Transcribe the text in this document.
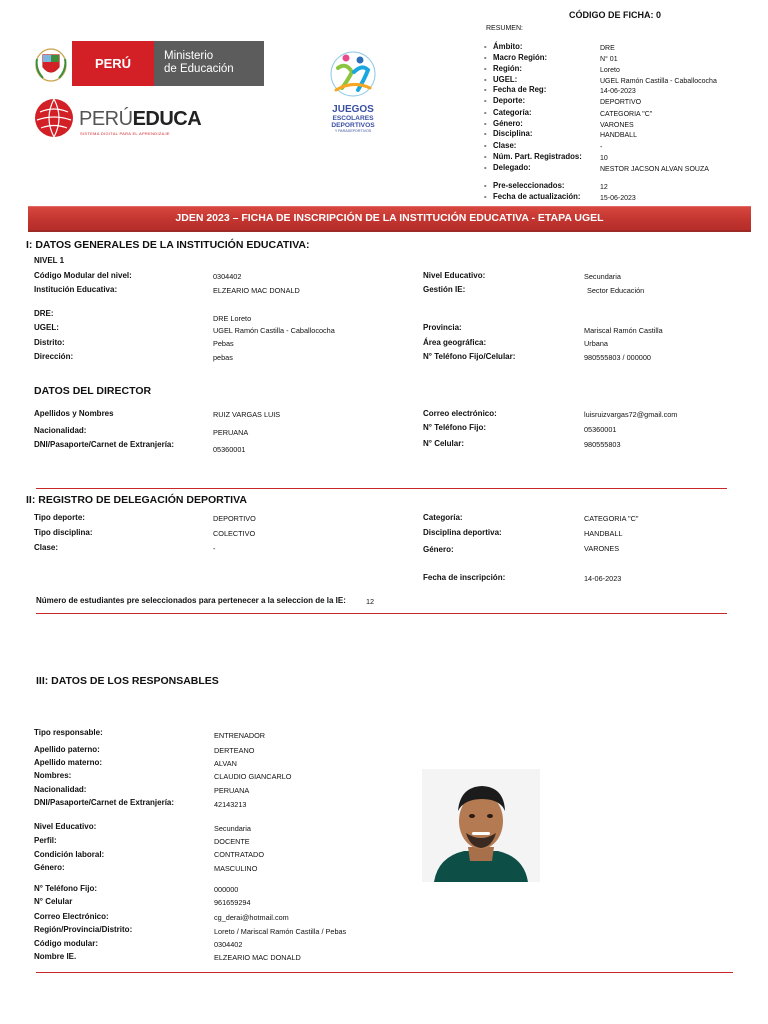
CÓDIGO DE FICHA: 0
RESUMEN:
PERÚ	Ministerio
de Educación
PERÚEDUCA
SISTEMA DIGITAL PARA EL APRENDIZAJE
JUEGOS
ESCOLARES
DEPORTIVOS
Y PARADEPORTIVOS
- Ámbito:	DRE
- Macro Región:	N° 01
- Región:	Loreto
- UGEL:	UGEL Ramón Castilla - Caballococha
- Fecha de Reg:	14-06-2023
- Deporte:	DEPORTIVO
- Categoría:	CATEGORIA "C"
- Género:	VARONES
- Disciplina:	HANDBALL
- Clase:	-
- Núm. Part. Registrados:	10
- Delegado:	NESTOR JACSON ALVAN SOUZA
- Pre-seleccionados:	12
- Fecha de actualización:	15-06-2023
JDEN 2023 – FICHA DE INSCRIPCIÓN DE LA INSTITUCIÓN EDUCATIVA - ETAPA UGEL
I: DATOS GENERALES DE LA INSTITUCIÓN EDUCATIVA:
NIVEL 1
Código Modular del nivel:	0304402	Nivel Educativo:	Secundaria
Institución Educativa:	ELZEARIO MAC DONALD	Gestión IE:	Sector Educación
DRE:
DRE Loreto
UGEL:	UGEL Ramón Castilla - Caballococha	Provincia:	Mariscal Ramón Castilla
Distrito:	Pebas	Área geográfica:	Urbana
Dirección:	pebas	N° Teléfono Fijo/Celular:	980555803 / 000000
DATOS DEL DIRECTOR
Apellidos y Nombres	RUIZ VARGAS LUIS	Correo electrónico:	luisruizvargas72@gmail.com
Nacionalidad:	PERUANA
N° Teléfono Fijo:	05360001
DNI/Pasaporte/Carnet de Extranjería:
05360001
N° Celular:	980555803
II: REGISTRO DE DELEGACIÓN DEPORTIVA
Tipo deporte:	DEPORTIVO	Categoría:	CATEGORIA "C"
Tipo disciplina:	COLECTIVO	Disciplina deportiva:	HANDBALL
Clase:	-	Género:	VARONES
Fecha de inscripción:	14-06-2023
Número de estudiantes pre seleccionados para pertenecer a la seleccion de la IE:	12
III: DATOS DE LOS RESPONSABLES
Tipo responsable:	ENTRENADOR
Apellido paterno:	DERTEANO
Apellido materno:	ALVAN
Nombres:	CLAUDIO GIANCARLO
Nacionalidad:	PERUANA
DNI/Pasaporte/Carnet de Extranjería:	42143213
Nivel Educativo:	Secundaria
Perfil:	DOCENTE
Condición laboral:	CONTRATADO
Género:	MASCULINO
N° Teléfono Fijo:	000000
N° Celular	961659294
Correo Electrónico:	cg_derai@hotmail.com
Región/Provincia/Distrito:	Loreto / Mariscal Ramón Castilla / Pebas
Código modular:	0304402
Nombre IE.	ELZEARIO MAC DONALD
